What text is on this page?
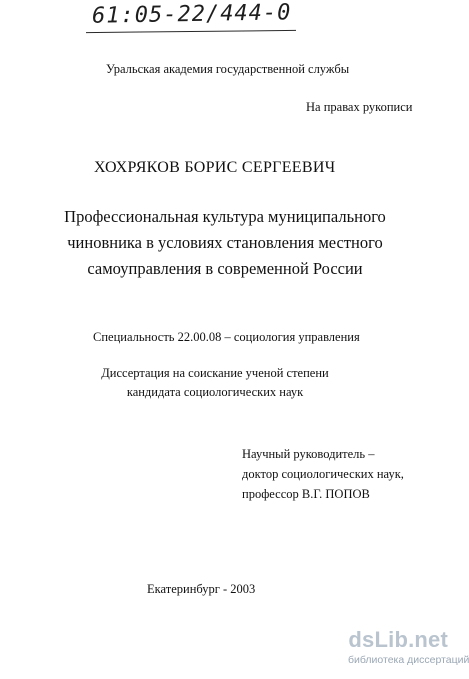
61:05-22/444-0
Уральская академия государственной службы
На правах рукописи
ХОХРЯКОВ БОРИС СЕРГЕЕВИЧ
Профессиональная культура муниципального
чиновника в условиях становления местного
самоуправления в современной России
Специальность 22.00.08 – социология управления
Диссертация на соискание ученой степени
кандидата социологических наук
Научный руководитель –
доктор социологических наук,
профессор В.Г. ПОПОВ
Екатеринбург - 2003
dsLib.net
библиотека диссертаций
